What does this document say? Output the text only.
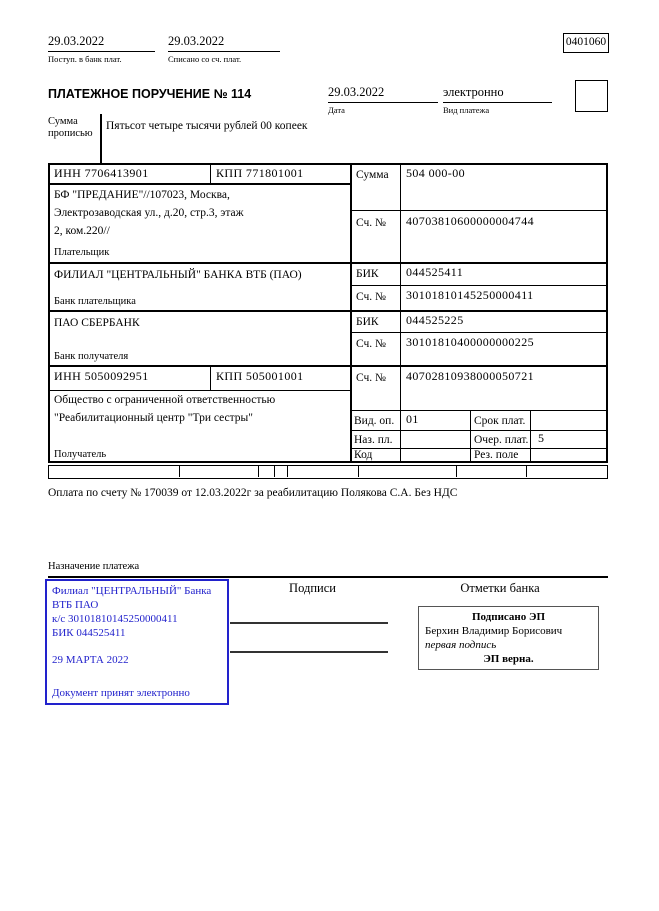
29.03.2022
Поступ. в банк плат.
29.03.2022
Списано со сч. плат.
0401060
ПЛАТЕЖНОЕ ПОРУЧЕНИЕ № 114	29.03.2022
Дата
электронно
Вид платежа
Сумма
прописью
Пятьсот четыре тысячи рублей 00 копеек
ИНН 7706413901	КПП 771801001	Сумма 504 000-00
БФ "ПРЕДАНИЕ"//107023, Москва,
Электрозаводская ул., д.20, стр.3, этаж
2, ком.220//
Сч. № 40703810600000004744
Плательщик
ФИЛИАЛ "ЦЕНТРАЛЬНЫЙ" БАНКА ВТБ (ПАО)	БИК 044525411
Сч. № 30101810145250000411
Банк плательщика
ПАО СБЕРБАНК	БИК 044525225
Сч. № 30101810400000000225
Банк получателя
ИНН 5050092951	КПП 505001001	Сч. № 40702810938000050721
Общество с ограниченной ответственностью
"Реабилитационный центр "Три сестры"
Получатель
Вид. оп. 01	Срок плат.
Наз. пл.	Очер. плат. 5
Код	Рез. поле
Оплата по счету № 170039 от 12.03.2022г за реабилитацию Полякова С.А. Без НДС
Назначение платежа
Филиал "ЦЕНТРАЛЬНЫЙ" Банка
ВТБ ПАО
к/с 30101810145250000411
БИК 044525411
29 МАРТА 2022
Документ принят электронно
Подписи	Отметки банка
Подписано ЭП
Берхин Владимир Борисович
первая подпись
ЭП верна.
